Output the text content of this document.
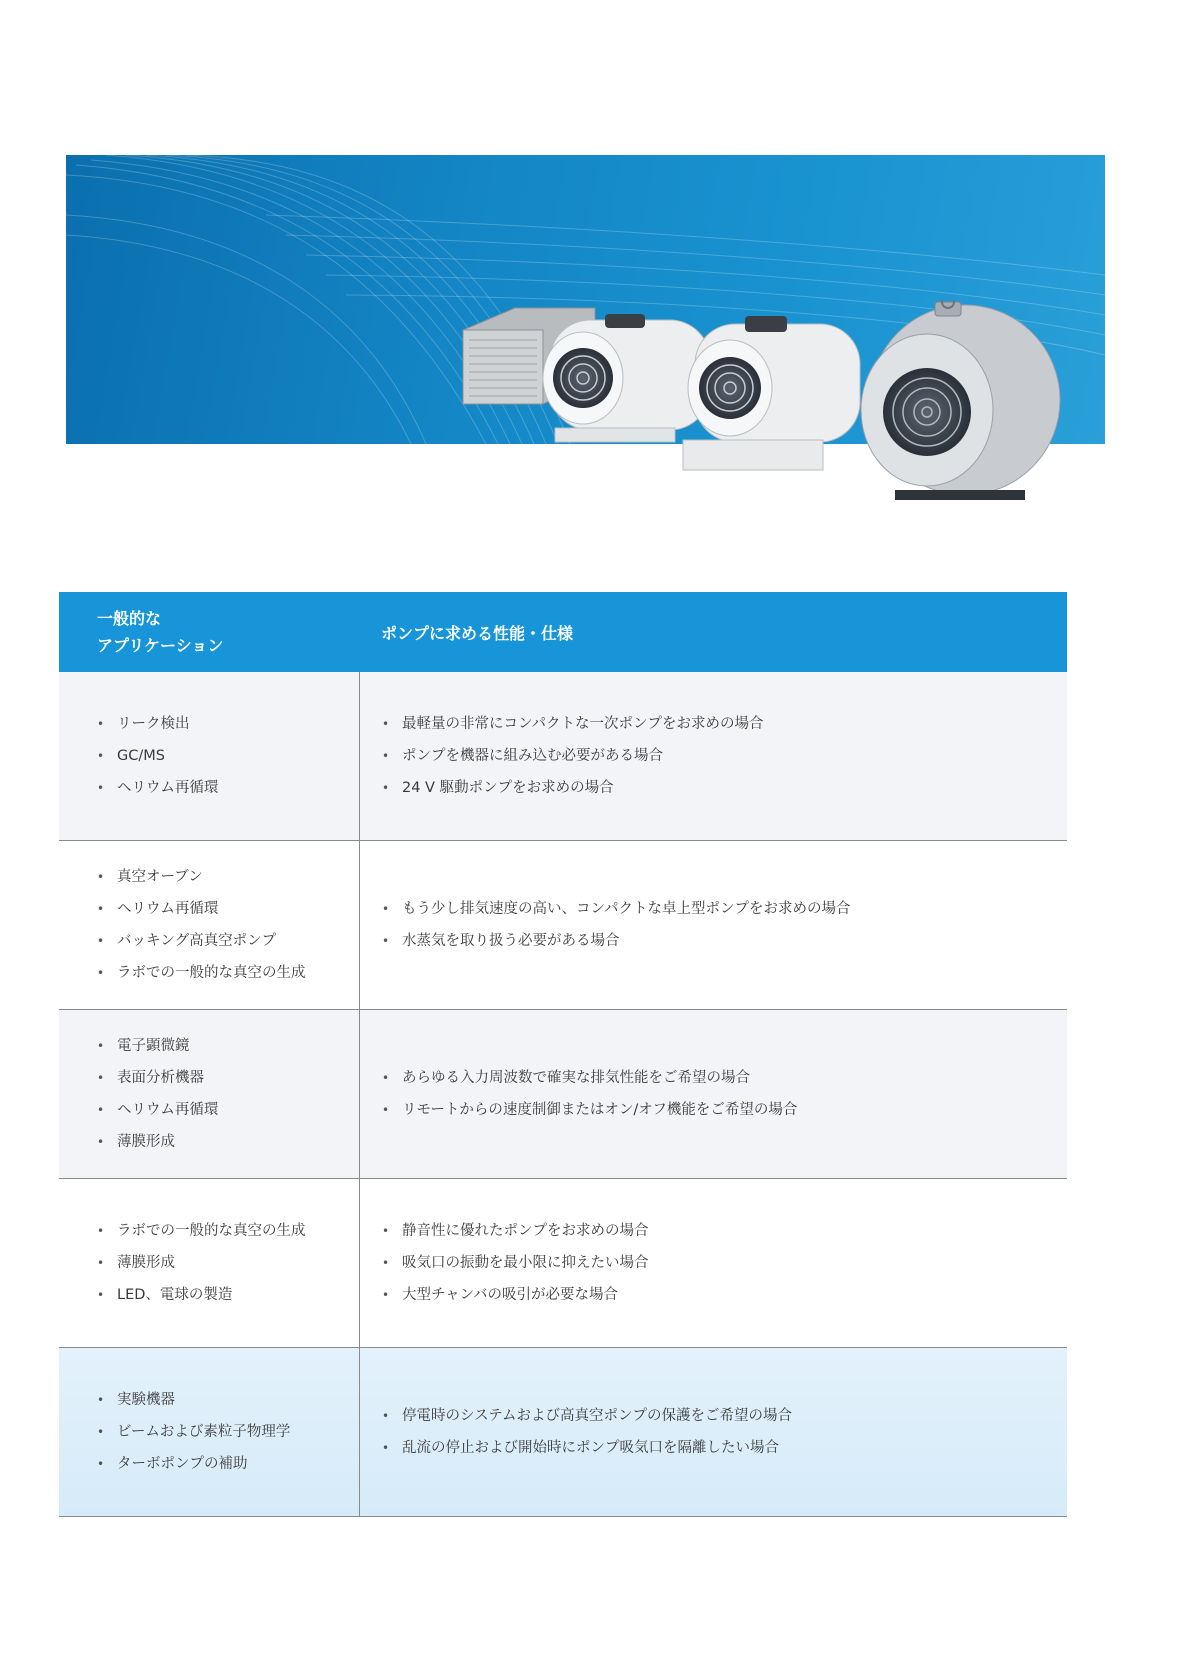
一般的な
アプリケーション
ポンプに求める性能・仕様
• リーク検出
• GC/MS
• ヘリウム再循環
• 最軽量の非常にコンパクトな一次ポンプをお求めの場合
• ポンプを機器に組み込む必要がある場合
• 24 V 駆動ポンプをお求めの場合
• 真空オーブン
• ヘリウム再循環
• バッキング高真空ポンプ
• ラボでの一般的な真空の生成
• もう少し排気速度の高い、コンパクトな卓上型ポンプをお求めの場合
• 水蒸気を取り扱う必要がある場合
• 電子顕微鏡
• 表面分析機器
• ヘリウム再循環
• 薄膜形成
• あらゆる入力周波数で確実な排気性能をご希望の場合
• リモートからの速度制御またはオン/オフ機能をご希望の場合
• ラボでの一般的な真空の生成
• 薄膜形成
• LED、電球の製造
• 静音性に優れたポンプをお求めの場合
• 吸気口の振動を最小限に抑えたい場合
• 大型チャンバの吸引が必要な場合
• 実験機器
• ビームおよび素粒子物理学
• ターボポンプの補助
• 停電時のシステムおよび高真空ポンプの保護をご希望の場合
• 乱流の停止および開始時にポンプ吸気口を隔離したい場合
